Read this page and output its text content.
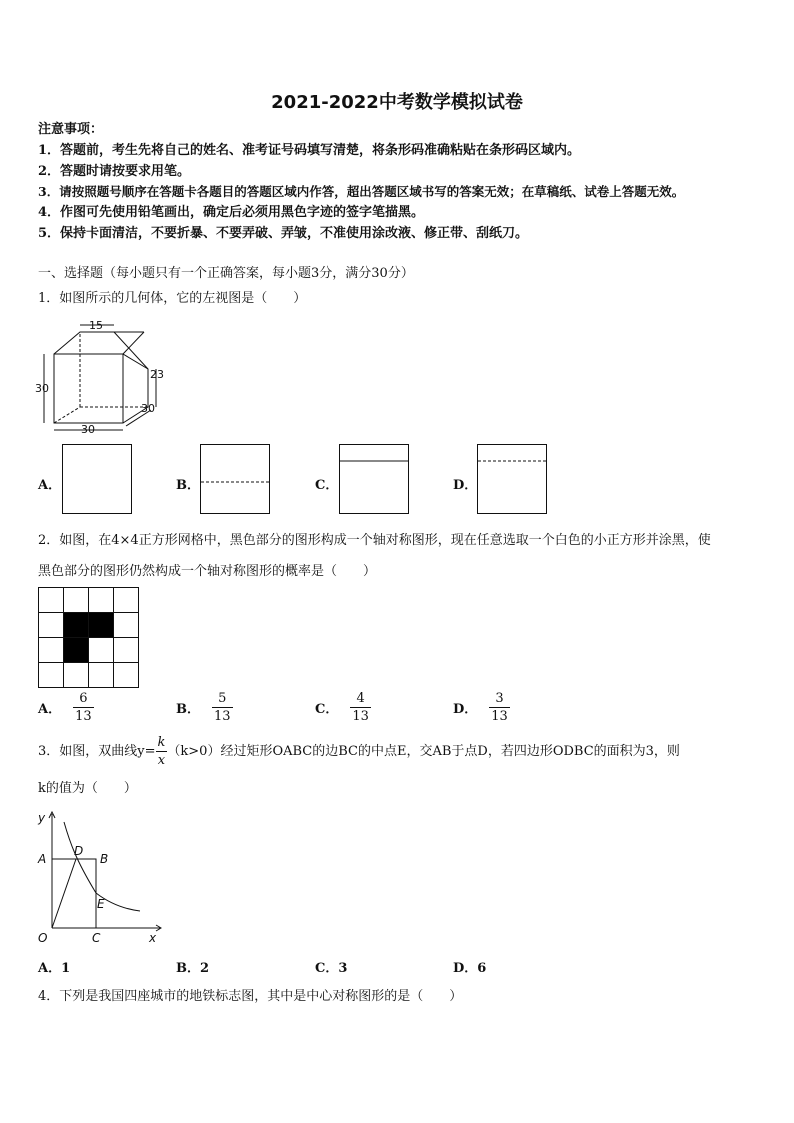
2021-2022中考数学模拟试卷
注意事项：
1．答题前，考生先将自己的姓名、准考证号码填写清楚，将条形码准确粘贴在条形码区域内。
2．答题时请按要求用笔。
3．请按照题号顺序在答题卡各题目的答题区域内作答，超出答题区域书写的答案无效；在草稿纸、试卷上答题无效。
4．作图可先使用铅笔画出，确定后必须用黑色字迹的签字笔描黑。
5．保持卡面清洁，不要折暴、不要弄破、弄皱，不准使用涂改液、修正带、刮纸刀。
一、选择题（每小题只有一个正确答案，每小题3分，满分30分）
1．如图所示的几何体，它的左视图是（　　）
15
30
23
30
30
A．	B．	C．	D．
2．如图，在4×4正方形网格中，黑色部分的图形构成一个轴对称图形，现在任意选取一个白色的小正方形并涂黑，使
黑色部分的图形仍然构成一个轴对称图形的概率是（　　）
A． $\frac{6}{13}$	B． $\frac{5}{13}$	C． $\frac{4}{13}$	D． $\frac{3}{13}$
3．如图，双曲线$y= \frac{k}{x} (k>0)$经过矩形OABC的边BC的中点E，交AB于点D，若四边形ODBC的面积为3，则
k的值为（　　）
y
A
D
B
E
O	C	x
A．1	B．2	C．3	D．6
4．下列是我国四座城市的地铁标志图，其中是中心对称图形的是（　　）
